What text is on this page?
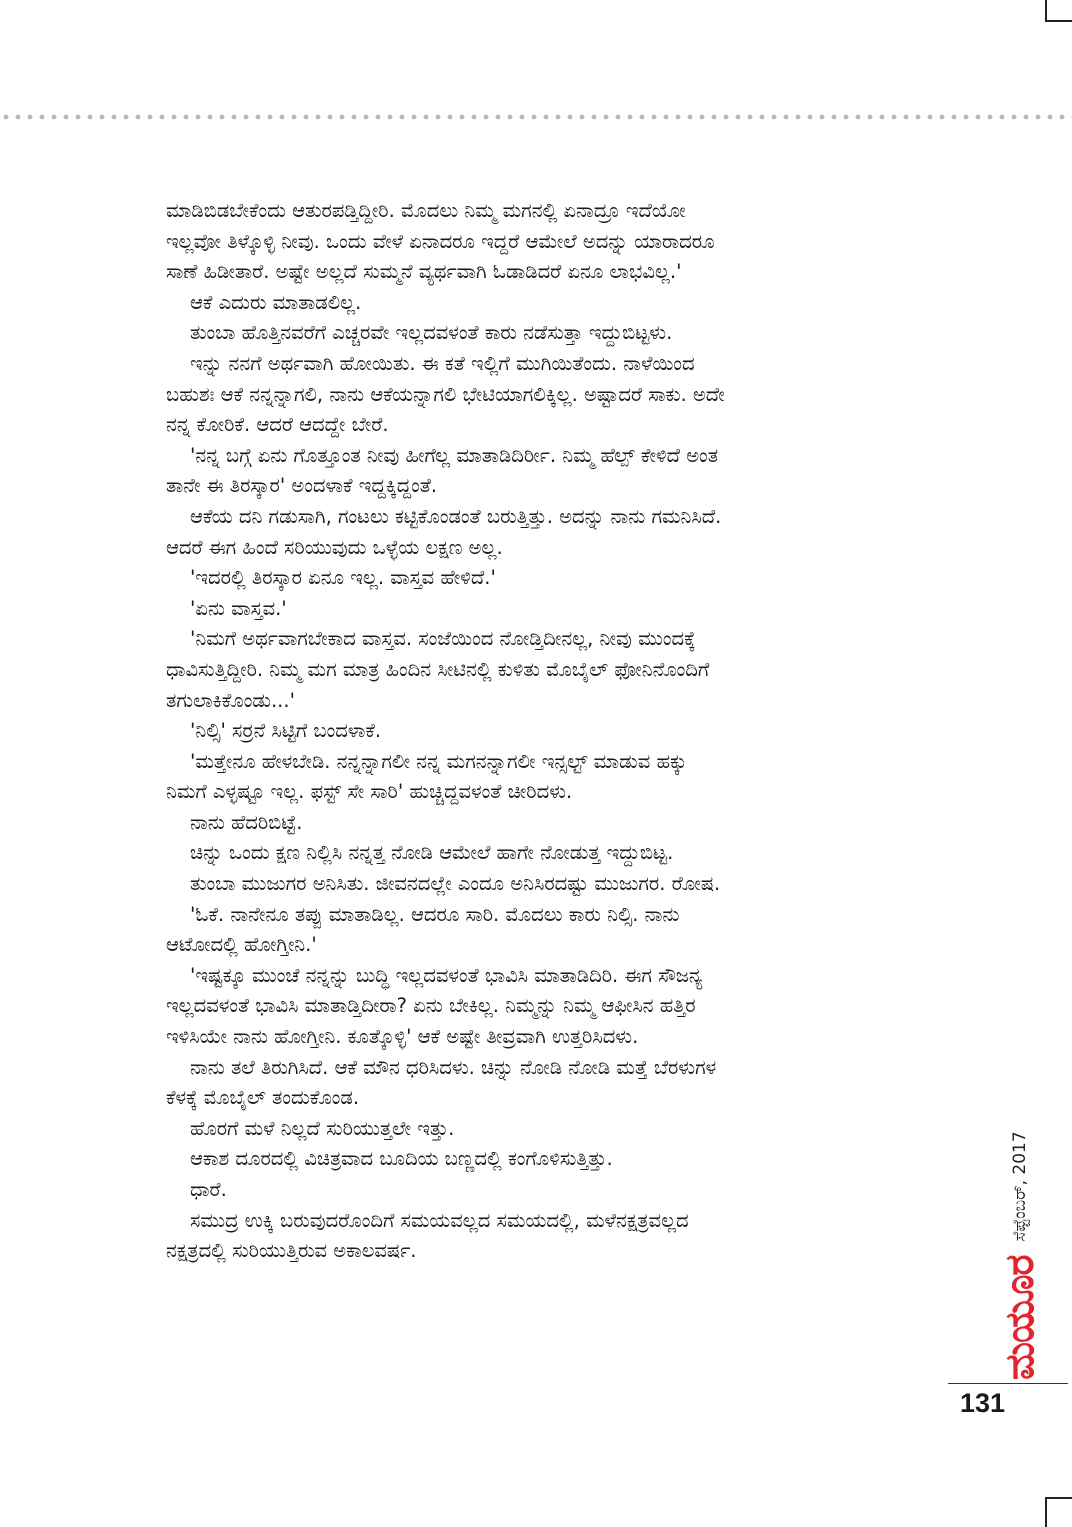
ಮಾಡಿಬಿಡಬೇಕೆಂದು ಆತುರಪಡ್ತಿದ್ದೀರಿ. ಮೊದಲು ನಿಮ್ಮ ಮಗನಲ್ಲಿ ಏನಾದ್ರೂ ಇದೆಯೋ
ಇಲ್ಲವೋ ತಿಳ್ಕೊಳ್ಳಿ ನೀವು. ಒಂದು ವೇಳೆ ಏನಾದರೂ ಇದ್ದರೆ ಆಮೇಲೆ ಅದನ್ನು ಯಾರಾದರೂ
ಸಾಣೆ ಹಿಡೀತಾರೆ. ಅಷ್ಟೇ ಅಲ್ಲದೆ ಸುಮ್ಮನೆ ವ್ಯರ್ಥವಾಗಿ ಓಡಾಡಿದರೆ ಏನೂ ಲಾಭವಿಲ್ಲ.'
ಆಕೆ ಎದುರು ಮಾತಾಡಲಿಲ್ಲ.
ತುಂಬಾ ಹೊತ್ತಿನವರೆಗೆ ಎಚ್ಚರವೇ ಇಲ್ಲದವಳಂತೆ ಕಾರು ನಡೆಸುತ್ತಾ ಇದ್ದುಬಿಟ್ಟಳು.
ಇನ್ನು ನನಗೆ ಅರ್ಥವಾಗಿ ಹೋಯಿತು. ಈ ಕತೆ ಇಲ್ಲಿಗೆ ಮುಗಿಯಿತೆಂದು. ನಾಳೆಯಿಂದ
ಬಹುಶಃ ಆಕೆ ನನ್ನನ್ನಾಗಲಿ, ನಾನು ಆಕೆಯನ್ನಾಗಲಿ ಭೇಟಿಯಾಗಲಿಕ್ಕಿಲ್ಲ. ಅಷ್ಟಾದರೆ ಸಾಕು. ಅದೇ
ನನ್ನ ಕೋರಿಕೆ. ಆದರೆ ಆದದ್ದೇ ಬೇರೆ.
'ನನ್ನ ಬಗ್ಗೆ ಏನು ಗೊತ್ತೂಂತ ನೀವು ಹೀಗೆಲ್ಲ ಮಾತಾಡಿದಿರ್ರೀ. ನಿಮ್ಮ ಹೆಲ್ಪ್ ಕೇಳಿದೆ ಅಂತ
ತಾನೇ ಈ ತಿರಸ್ಕಾರ' ಅಂದಳಾಕೆ ಇದ್ದಕ್ಕಿದ್ದಂತೆ.
ಆಕೆಯ ದನಿ ಗಡುಸಾಗಿ, ಗಂಟಲು ಕಟ್ಟಿಕೊಂಡಂತೆ ಬರುತ್ತಿತ್ತು. ಅದನ್ನು ನಾನು ಗಮನಿಸಿದೆ.
ಆದರೆ ಈಗ ಹಿಂದೆ ಸರಿಯುವುದು ಒಳ್ಳೆಯ ಲಕ್ಷಣ ಅಲ್ಲ.
'ಇದರಲ್ಲಿ ತಿರಸ್ಕಾರ ಏನೂ ಇಲ್ಲ. ವಾಸ್ತವ ಹೇಳಿದೆ.'
'ಏನು ವಾಸ್ತವ.'
'ನಿಮಗೆ ಅರ್ಥವಾಗಬೇಕಾದ ವಾಸ್ತವ. ಸಂಜೆಯಿಂದ ನೋಡ್ತಿದೀನಲ್ಲ, ನೀವು ಮುಂದಕ್ಕೆ
ಧಾವಿಸುತ್ತಿದ್ದೀರಿ. ನಿಮ್ಮ ಮಗ ಮಾತ್ರ ಹಿಂದಿನ ಸೀಟಿನಲ್ಲಿ ಕುಳಿತು ಮೊಬೈಲ್ ಫೋನಿನೊಂದಿಗೆ
ತಗುಲಾಕಿಕೊಂಡು...'
'ನಿಲ್ಸಿ' ಸರ್ರನೆ ಸಿಟ್ಟಿಗೆ ಬಂದಳಾಕೆ.
'ಮತ್ತೇನೂ ಹೇಳಬೇಡಿ. ನನ್ನನ್ನಾಗಲೀ ನನ್ನ ಮಗನನ್ನಾಗಲೀ ಇನ್ಸಲ್ಟ್ ಮಾಡುವ ಹಕ್ಕು
ನಿಮಗೆ ಎಳ್ಳಷ್ಟೂ ಇಲ್ಲ. ಫಸ್ಟ್ ಸೇ ಸಾರಿ' ಹುಚ್ಚಿದ್ದವಳಂತೆ ಚೀರಿದಳು.
ನಾನು ಹೆದರಿಬಿಟ್ಟೆ.
ಚಿನ್ನು ಒಂದು ಕ್ಷಣ ನಿಲ್ಲಿಸಿ ನನ್ನತ್ತ ನೋಡಿ ಆಮೇಲೆ ಹಾಗೇ ನೋಡುತ್ತ ಇದ್ದುಬಿಟ್ಟ.
ತುಂಬಾ ಮುಜುಗರ ಅನಿಸಿತು. ಜೀವನದಲ್ಲೇ ಎಂದೂ ಅನಿಸಿರದಷ್ಟು ಮುಜುಗರ. ರೋಷ.
'ಓಕೆ. ನಾನೇನೂ ತಪ್ಪು ಮಾತಾಡಿಲ್ಲ. ಆದರೂ ಸಾರಿ. ಮೊದಲು ಕಾರು ನಿಲ್ಸಿ. ನಾನು
ಆಟೋದಲ್ಲಿ ಹೋಗ್ತೀನಿ.'
'ಇಷ್ಟಕ್ಕೂ ಮುಂಚೆ ನನ್ನನ್ನು ಬುದ್ಧಿ ಇಲ್ಲದವಳಂತೆ ಭಾವಿಸಿ ಮಾತಾಡಿದಿರಿ. ಈಗ ಸೌಜನ್ಯ
ಇಲ್ಲದವಳಂತೆ ಭಾವಿಸಿ ಮಾತಾಡ್ತಿದೀರಾ? ಏನು ಬೇಕಿಲ್ಲ. ನಿಮ್ಮನ್ನು ನಿಮ್ಮ ಆಫೀಸಿನ ಹತ್ತಿರ
ಇಳಿಸಿಯೇ ನಾನು ಹೋಗ್ತೀನಿ. ಕೂತ್ಕೊಳ್ಳಿ' ಆಕೆ ಅಷ್ಟೇ ತೀವ್ರವಾಗಿ ಉತ್ತರಿಸಿದಳು.
ನಾನು ತಲೆ ತಿರುಗಿಸಿದೆ. ಆಕೆ ಮೌನ ಧರಿಸಿದಳು. ಚಿನ್ನು ನೋಡಿ ನೋಡಿ ಮತ್ತೆ ಬೆರಳುಗಳ
ಕೆಳಕ್ಕೆ ಮೊಬೈಲ್ ತಂದುಕೊಂಡ.
ಹೊರಗೆ ಮಳೆ ನಿಲ್ಲದೆ ಸುರಿಯುತ್ತಲೇ ಇತ್ತು.
ಆಕಾಶ ದೂರದಲ್ಲಿ ವಿಚಿತ್ರವಾದ ಬೂದಿಯ ಬಣ್ಣದಲ್ಲಿ ಕಂಗೊಳಿಸುತ್ತಿತ್ತು.
ಧಾರೆ.
ಸಮುದ್ರ ಉಕ್ಕಿ ಬರುವುದರೊಂದಿಗೆ ಸಮಯವಲ್ಲದ ಸಮಯದಲ್ಲಿ, ಮಳೆನಕ್ಷತ್ರವಲ್ಲದ
ನಕ್ಷತ್ರದಲ್ಲಿ ಸುರಿಯುತ್ತಿರುವ ಅಕಾಲವರ್ಷ.
ಮಯೂರ
ಸೆಪ್ಟೆಂಬರ್, 2017
131
